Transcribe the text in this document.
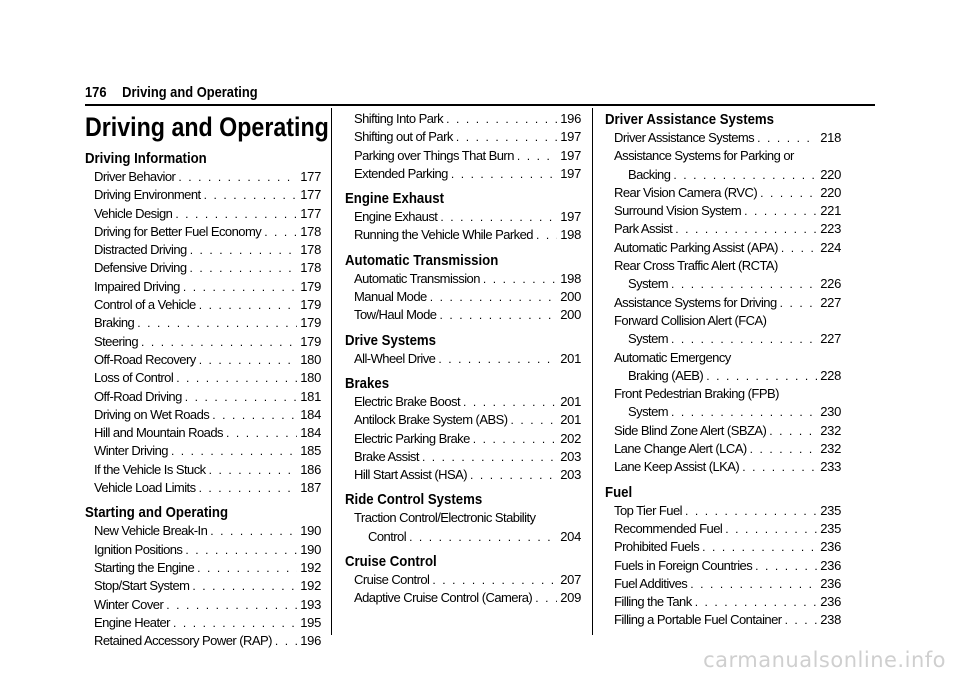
176 Driving and Operating
Driving and Operating
Driving Information
Driver Behavior . . .	177
Driving Environment . . .	177
Vehicle Design . . .	177
Driving for Better Fuel Economy . . .	178
Distracted Driving . . .	178
Defensive Driving . . .	178
Impaired Driving . . .	179
Control of a Vehicle . . .	179
Braking . . .	179
Steering . . .	179
Off-Road Recovery . . .	180
Loss of Control . . .	180
Off-Road Driving . . .	181
Driving on Wet Roads . . .	184
Hill and Mountain Roads . . .	184
Winter Driving . . .	185
If the Vehicle Is Stuck . . .	186
Vehicle Load Limits . . .	187
Starting and Operating
New Vehicle Break-In . . .	190
Ignition Positions . . .	190
Starting the Engine . . .	192
Stop/Start System . . .	192
Winter Cover . . .	193
Engine Heater . . .	195
Retained Accessory Power (RAP) . . . 196
Shifting Into Park . . .	196
Shifting out of Park . . .	197
Parking over Things That Burn . . .	197
Extended Parking . . .	197
Engine Exhaust
Engine Exhaust . . .	197
Running the Vehicle While Parked . . . 198
Automatic Transmission
Automatic Transmission . . .	198
Manual Mode . . .	200
Tow/Haul Mode . . .	200
Drive Systems
All-Wheel Drive . . .	201
Brakes
Electric Brake Boost . . .	201
Antilock Brake System (ABS) . . .	201
Electric Parking Brake . . .	202
Brake Assist . . .	203
Hill Start Assist (HSA) . . .	203
Ride Control Systems
Traction Control/Electronic Stability
Control . . .	204
Cruise Control
Cruise Control . . .	207
Adaptive Cruise Control (Camera) . . . 209
Driver Assistance Systems
Driver Assistance Systems . . .	218
Assistance Systems for Parking or
Backing . . .	220
Rear Vision Camera (RVC) . . .	220
Surround Vision System . . .	221
Park Assist . . .	223
Automatic Parking Assist (APA) . . .	224
Rear Cross Traffic Alert (RCTA)
System . . .	226
Assistance Systems for Driving . . .	227
Forward Collision Alert (FCA)
System . . .	227
Automatic Emergency
Braking (AEB) . . .	228
Front Pedestrian Braking (FPB)
System . . .	230
Side Blind Zone Alert (SBZA) . . .	232
Lane Change Alert (LCA) . . .	232
Lane Keep Assist (LKA) . . .	233
Fuel
Top Tier Fuel . . .	235
Recommended Fuel . . .	235
Prohibited Fuels . . .	236
Fuels in Foreign Countries . . .	236
Fuel Additives . . .	236
Filling the Tank . . .	236
Filling a Portable Fuel Container . . .	238
carmanualsonline.info
